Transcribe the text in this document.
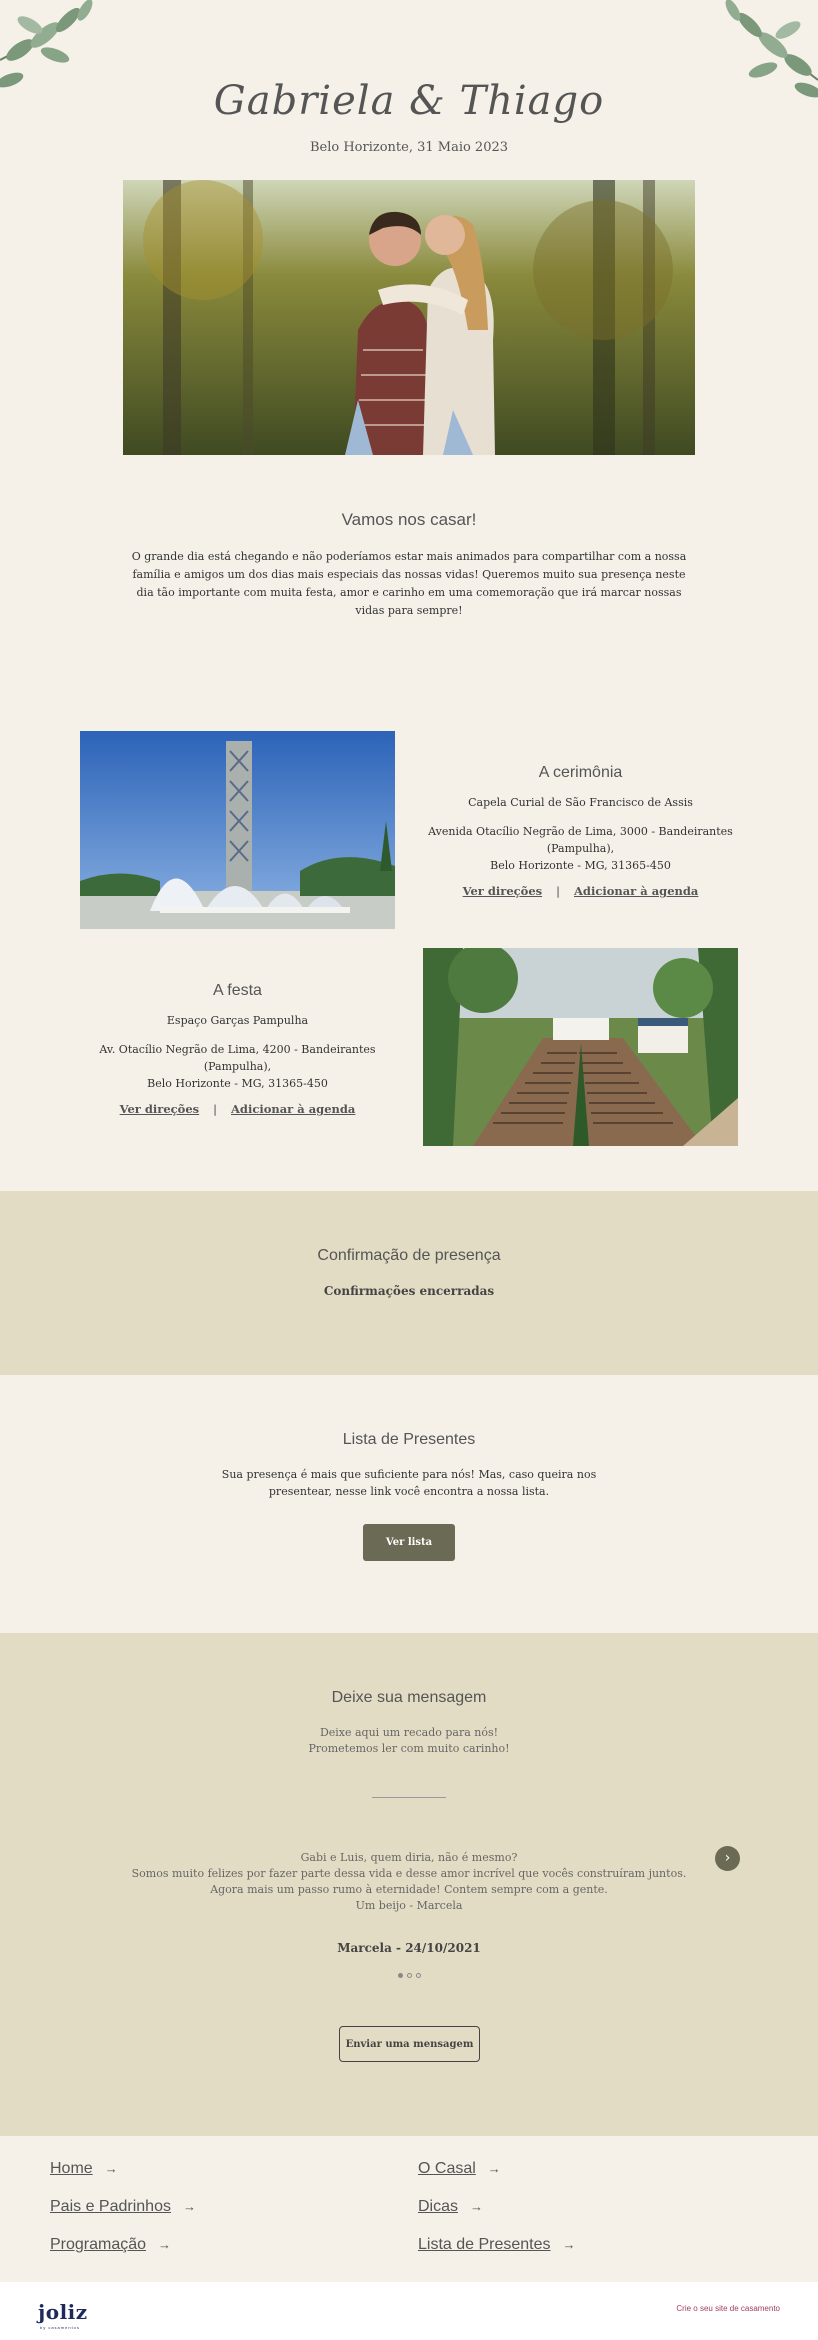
Gabriela & Thiago
Belo Horizonte, 31 Maio 2023
Vamos nos casar!
O grande dia está chegando e não poderíamos estar mais animados para compartilhar com a nossa família e amigos um dos dias mais especiais das nossas vidas! Queremos muito sua presença neste dia tão importante com muita festa, amor e carinho em uma comemoração que irá marcar nossas vidas para sempre!
A cerimônia
Capela Curial de São Francisco de Assis
Avenida Otacílio Negrão de Lima, 3000 - Bandeirantes (Pampulha),
Belo Horizonte - MG, 31365-450
Ver direções | Adicionar à agenda
A festa
Espaço Garças Pampulha
Av. Otacílio Negrão de Lima, 4200 - Bandeirantes (Pampulha),
Belo Horizonte - MG, 31365-450
Ver direções | Adicionar à agenda
Confirmação de presença
Confirmações encerradas
Lista de Presentes
Sua presença é mais que suficiente para nós! Mas, caso queira nos presentear, nesse link você encontra a nossa lista.
Ver lista
Deixe sua mensagem
Deixe aqui um recado para nós!
Prometemos ler com muito carinho!
Gabi e Luis, quem diria, não é mesmo?
Somos muito felizes por fazer parte dessa vida e desse amor incrível que vocês construíram juntos. Agora mais um passo rumo à eternidade! Contem sempre com a gente.
Um beijo - Marcela
›
Marcela - 24/10/2021
Enviar uma mensagem
Home →
Pais e Padrinhos →
Programação →
O Casal →
Dicas →
Lista de Presentes →
joliz
by casamentos
Crie o seu site de casamento
